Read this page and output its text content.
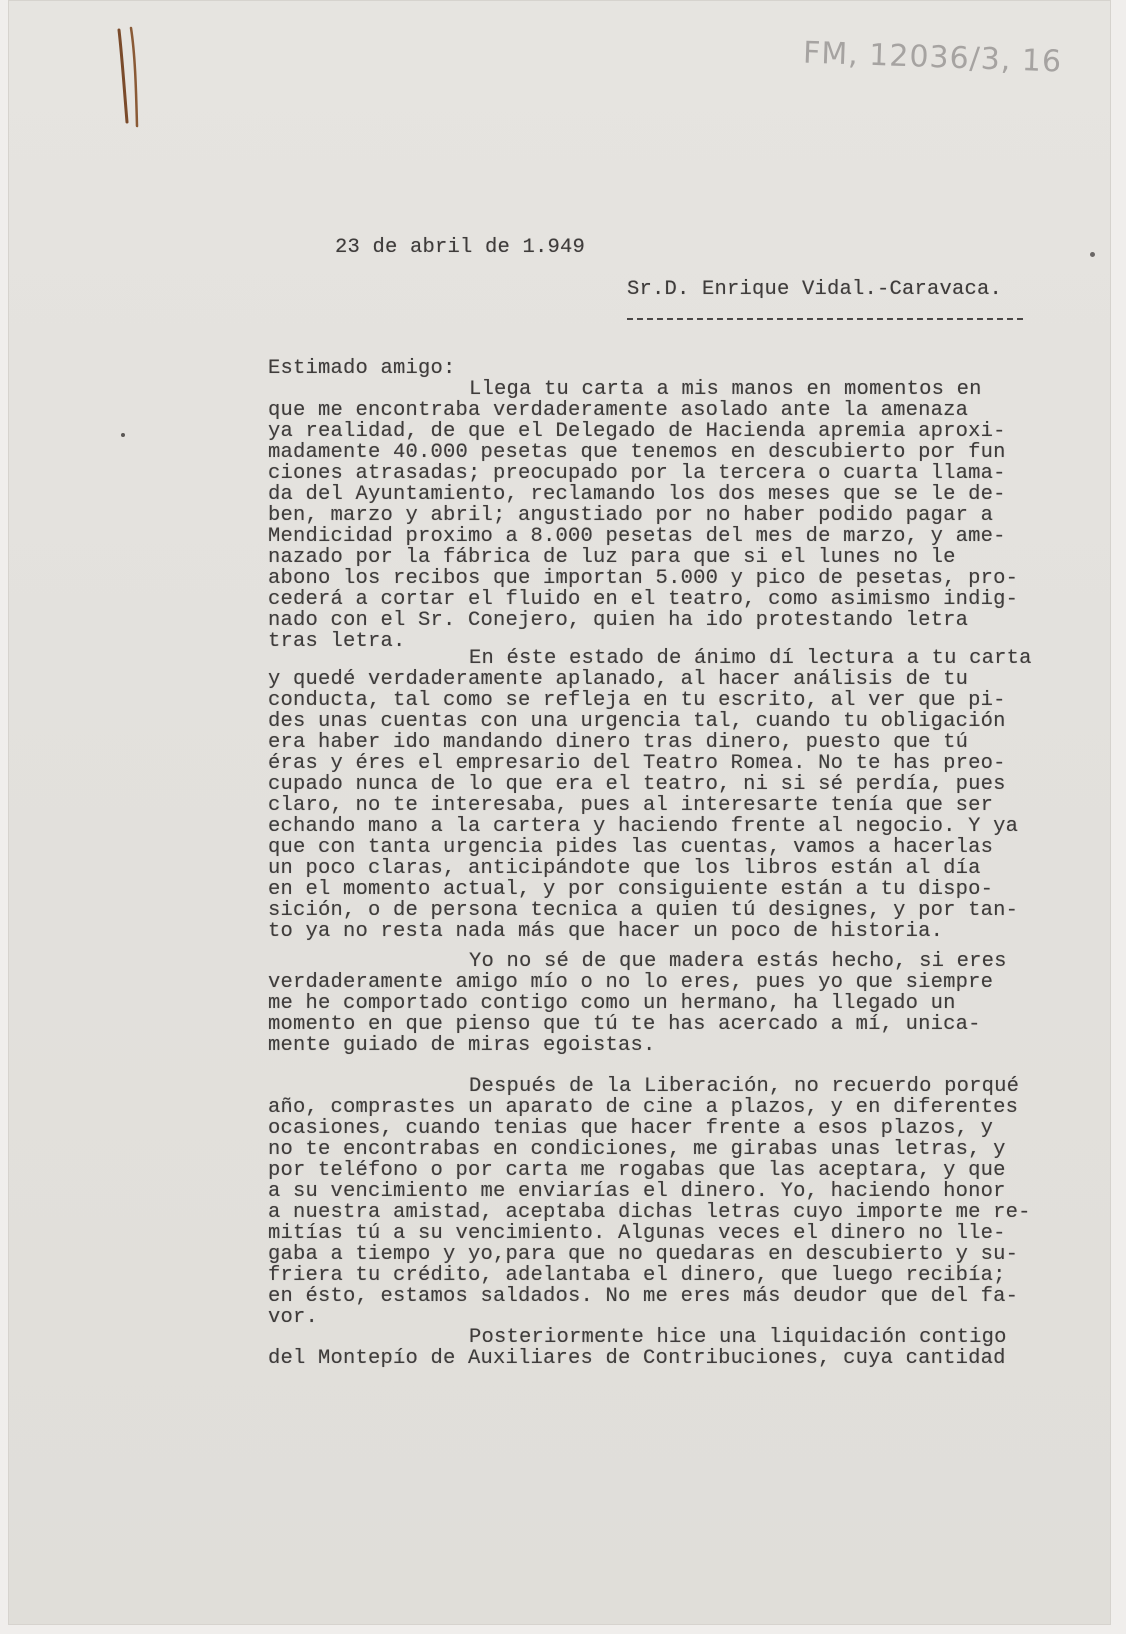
FM, 12036/3, 16
23 de abril de 1.949
Sr.D. Enrique Vidal.-Caravaca.
Estimado amigo:

Llega tu carta a mis manos en momentos en

que me encontraba verdaderamente asolado ante la amenaza

ya realidad, de que el Delegado de Hacienda apremia aproxi-

madamente 40.000 pesetas que tenemos en descubierto por fun

ciones atrasadas; preocupado por la tercera o cuarta llama-

da del Ayuntamiento, reclamando los dos meses que se le de-

ben, marzo y abril; angustiado por no haber podido pagar a

Mendicidad proximo a 8.000 pesetas del mes de marzo, y ame-

nazado por la fábrica de luz para que si el lunes no le

abono los recibos que importan 5.000 y pico de pesetas, pro-

cederá a cortar el fluido en el teatro, como asimismo indig-

nado con el Sr. Conejero, quien ha ido protestando letra

tras letra.

En éste estado de ánimo dí lectura a tu carta

y quedé verdaderamente aplanado, al hacer análisis de tu

conducta, tal como se refleja en tu escrito, al ver que pi-

des unas cuentas con una urgencia tal, cuando tu obligación

era haber ido mandando dinero tras dinero, puesto que tú

éras y éres el empresario del Teatro Romea. No te has preo-

cupado nunca de lo que era el teatro, ni si sé perdía, pues

claro, no te interesaba, pues al interesarte tenía que ser

echando mano a la cartera y haciendo frente al negocio. Y ya

que con tanta urgencia pides las cuentas, vamos a hacerlas

un poco claras, anticipándote que los libros están al día

en el momento actual, y por consiguiente están a tu dispo-

sición, o de persona tecnica a quien tú designes, y por tan-

to ya no resta nada más que hacer un poco de historia.

Yo no sé de que madera estás hecho, si eres

verdaderamente amigo mío o no lo eres, pues yo que siempre

me he comportado contigo como un hermano, ha llegado un

momento en que pienso que tú te has acercado a mí, unica-

mente guiado de miras egoistas.

Después de la Liberación, no recuerdo porqué

año, comprastes un aparato de cine a plazos, y en diferentes

ocasiones, cuando tenias que hacer frente a esos plazos, y

no te encontrabas en condiciones, me girabas unas letras, y

por teléfono o por carta me rogabas que las aceptara, y que

a su vencimiento me enviarías el dinero. Yo, haciendo honor

a nuestra amistad, aceptaba dichas letras cuyo importe me re-

mitías tú a su vencimiento. Algunas veces el dinero no lle-

gaba a tiempo y yo,para que no quedaras en descubierto y su-

friera tu crédito, adelantaba el dinero, que luego recibía;

en ésto, estamos saldados. No me eres más deudor que del fa-

vor.

Posteriormente hice una liquidación contigo

del Montepío de Auxiliares de Contribuciones, cuya cantidad
